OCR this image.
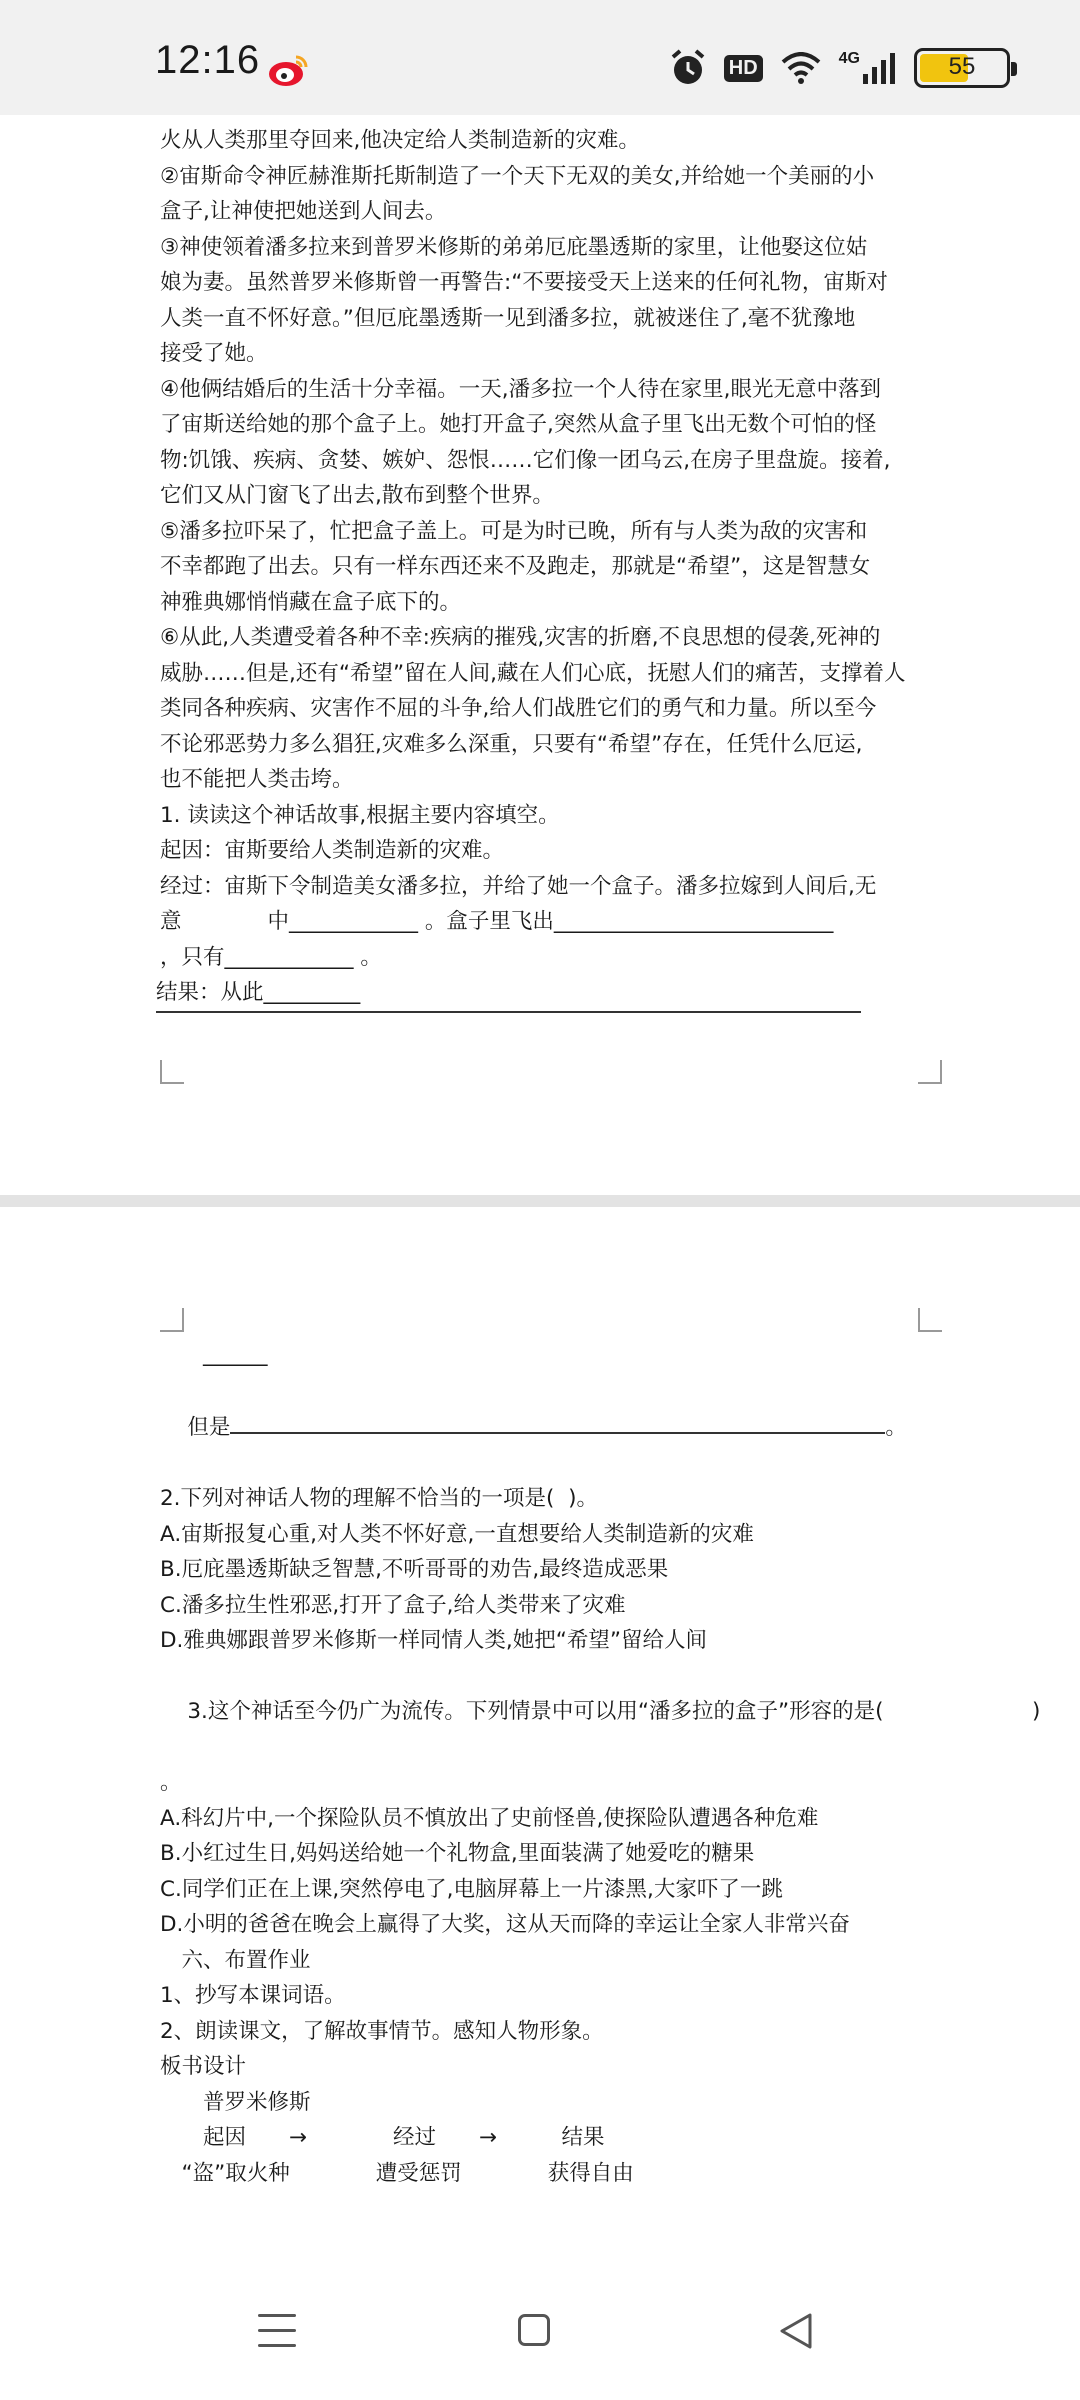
12:16	HD	4G	55

火从人类那里夺回来,他决定给人类制造新的灾难。

②宙斯命令神匠赫淮斯托斯制造了一个天下无双的美女,并给她一个美丽的小

盒子,让神使把她送到人间去。

③神使领着潘多拉来到普罗米修斯的弟弟厄庇墨透斯的家里，让他娶这位姑

娘为妻。虽然普罗米修斯曾一再警告:“不要接受天上送来的任何礼物，宙斯对

人类一直不怀好意。”但厄庇墨透斯一见到潘多拉，就被迷住了,毫不犹豫地

接受了她。

④他俩结婚后的生活十分幸福。一天,潘多拉一个人待在家里,眼光无意中落到

了宙斯送给她的那个盒子上。她打开盒子,突然从盒子里飞出无数个可怕的怪

物:饥饿、疾病、贪婪、嫉妒、怨恨……它们像一团乌云,在房子里盘旋。接着,

它们又从门窗飞了出去,散布到整个世界。

⑤潘多拉吓呆了，忙把盒子盖上。可是为时已晚，所有与人类为敌的灾害和

不幸都跑了出去。只有一样东西还来不及跑走，那就是“希望”，这是智慧女

神雅典娜悄悄藏在盒子底下的。

⑥从此,人类遭受着各种不幸:疾病的摧残,灾害的折磨,不良思想的侵袭,死神的

威胁……但是,还有“希望”留在人间,藏在人们心底，抚慰人们的痛苦，支撑着人

类同各种疾病、灾害作不屈的斗争,给人们战胜它们的勇气和力量。所以至今

不论邪恶势力多么猖狂,灾难多么深重，只要有“希望”存在，任凭什么厄运,

也不能把人类击垮。

1. 读读这个神话故事,根据主要内容填空。

起因：宙斯要给人类制造新的灾难。

经过：宙斯下令制造美女潘多拉，并给了她一个盒子。潘多拉嫁到人间后,无

意　　　　中____________ 。盒子里飞出__________________________

，只有____________ 。

结果：从此_________

　　______

但是	。

2.下列对神话人物的理解不恰当的一项是(  )。

A.宙斯报复心重,对人类不怀好意,一直想要给人类制造新的灾难

B.厄庇墨透斯缺乏智慧,不听哥哥的劝告,最终造成恶果

C.潘多拉生性邪恶,打开了盒子,给人类带来了灾难

D.雅典娜跟普罗米修斯一样同情人类,她把“希望”留给人间

3.这个神话至今仍广为流传。下列情景中可以用“潘多拉的盒子”形容的是(	)

。

A.科幻片中,一个探险队员不慎放出了史前怪兽,使探险队遭遇各种危难

B.小红过生日,妈妈送给她一个礼物盒,里面装满了她爱吃的糖果

C.同学们正在上课,突然停电了,电脑屏幕上一片漆黑,大家吓了一跳

D.小明的爸爸在晚会上赢得了大奖，这从天而降的幸运让全家人非常兴奋

　六、布置作业

1、抄写本课词语。

2、朗读课文，了解故事情节。感知人物形象。

板书设计

　　普罗米修斯

　　起因　　→　　　　经过　　→　　　结果

　“盗”取火种　　　　遭受惩罚　　　　获得自由
